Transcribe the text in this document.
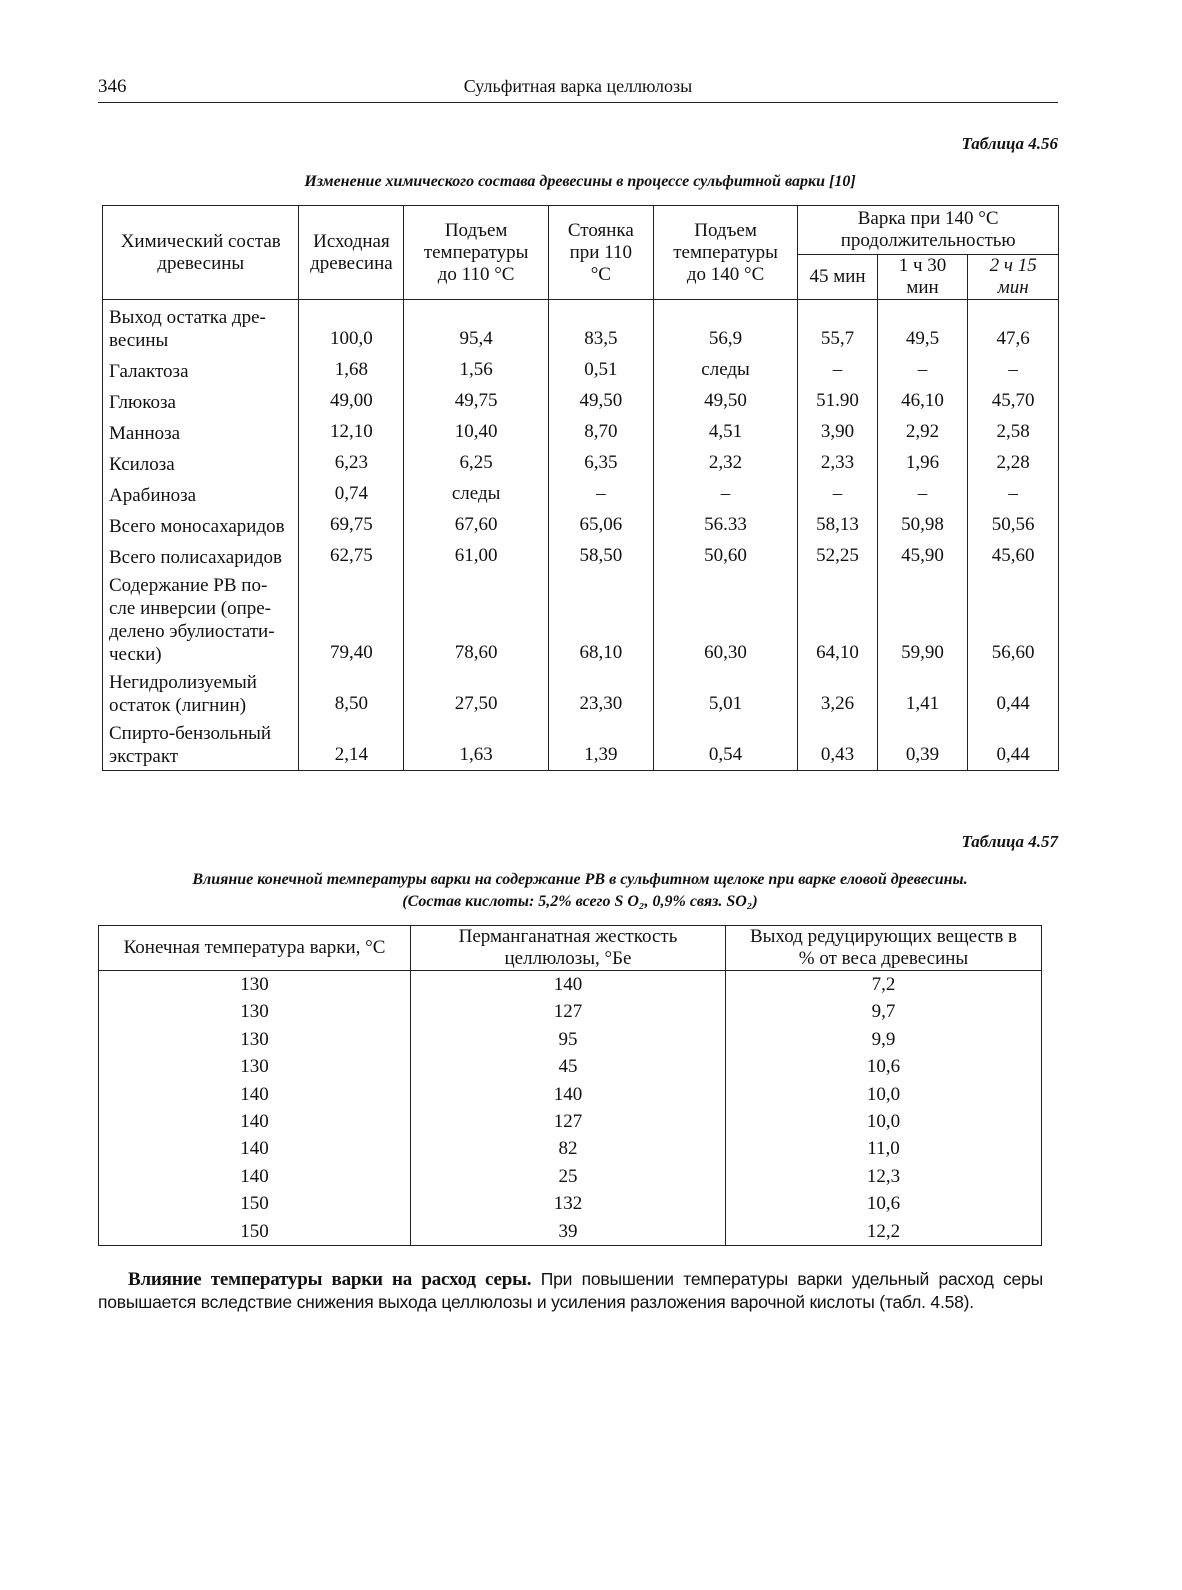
346	Сульфитная варка целлюлозы
Таблица 4.56
Изменение химического состава древесины в процессе сульфитной варки [10]
Химический состав древесины	Исходная древесина	Подъем температуры до 110 °С	Стоянка при 110 °С	Подъем температуры до 140 °С	Варка при 140 °С продолжительностью		
					45 мин	1 ч 30 мин	2 ч 15 мин
Выход остатка дре-
весины	100,0	95,4	83,5	56,9	55,7	49,5	47,6
Галактоза	1,68	1,56	0,51	следы	–	–	–
Глюкоза	49,00	49,75	49,50	49,50	51.90	46,10	45,70
Манноза	12,10	10,40	8,70	4,51	3,90	2,92	2,58
Ксилоза	6,23	6,25	6,35	2,32	2,33	1,96	2,28
Арабиноза	0,74	следы	–	–	–	–	–
Всего моносахаридов	69,75	67,60	65,06	56.33	58,13	50,98	50,56
Всего полисахаридов	62,75	61,00	58,50	50,60	52,25	45,90	45,60
Содержание РВ по-
сле инверсии (опре-
делено эбулиостати-
чески)	79,40	78,60	68,10	60,30	64,10	59,90	56,60
Негидролизуемый
остаток (лигнин)	8,50	27,50	23,30	5,01	3,26	1,41	0,44
Спирто-бензольный
экстракт	2,14	1,63	1,39	0,54	0,43	0,39	0,44
Таблица 4.57
Влияние конечной температуры варки на содержание РВ в сульфитном щелоке при варке еловой древесины.
(Состав кислоты: 5,2% всего S O₂, 0,9% связ. SO₂)
Конечная температура варки, °С	Перманганатная жесткость целлюлозы, °Бе	Выход редуцирующих веществ в % от веса древесины
130	140	7,2
130	127	9,7
130	95	9,9
130	45	10,6
140	140	10,0
140	127	10,0
140	82	11,0
140	25	12,3
150	132	10,6
150	39	12,2
Влияние температуры варки на расход серы. При повышении температуры варки удельный расход серы повышается вследствие снижения выхода целлюлозы и усиления разложения варочной кислоты (табл. 4.58).
